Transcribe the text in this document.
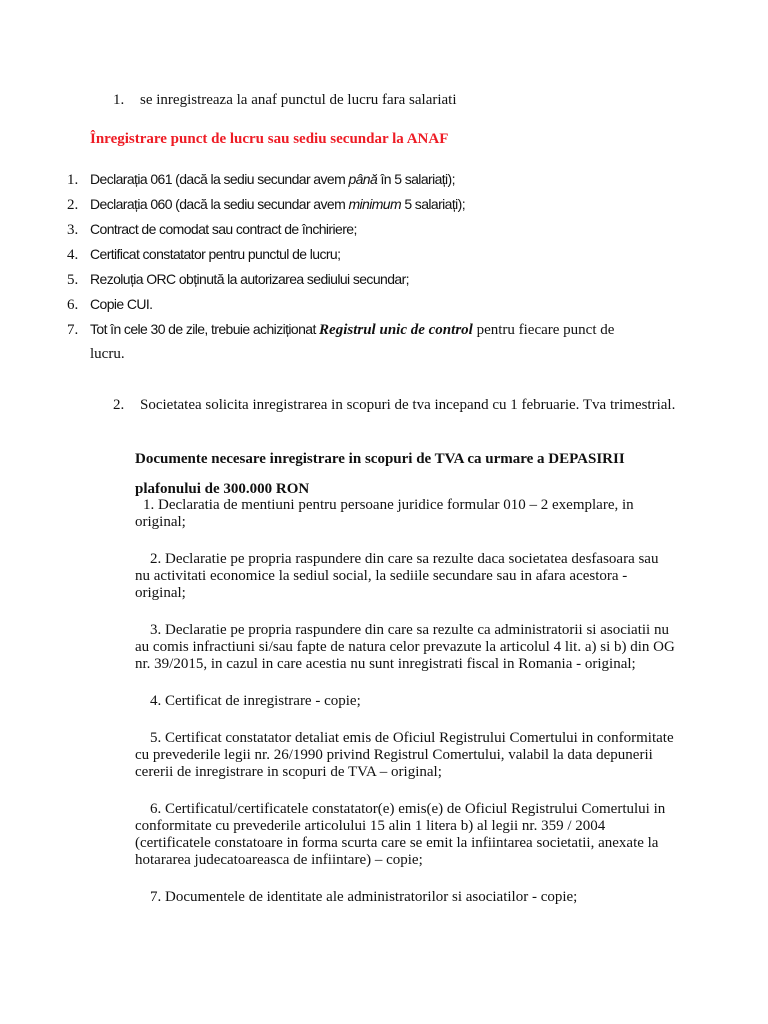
1. se inregistreaza la anaf punctul de lucru fara salariati
Înregistrare punct de lucru sau sediu secundar la ANAF
1. Declarația 061 (dacă la sediu secundar avem până în 5 salariați);
2. Declarația 060 (dacă la sediu secundar avem minimum 5 salariați);
3. Contract de comodat sau contract de închiriere;
4. Certificat constatator pentru punctul de lucru;
5. Rezoluția ORC obținută la autorizarea sediului secundar;
6. Copie CUI.
7. Tot în cele 30 de zile, trebuie achiziționat Registrul unic de control pentru fiecare punct de
lucru.
2. Societatea solicita inregistrarea in scopuri de tva incepand cu 1 februarie. Tva trimestrial.
Documente necesare inregistrare in scopuri de TVA ca urmare a DEPASIRII
plafonului de 300.000 RON
1. Declaratia de mentiuni pentru persoane juridice formular 010 – 2 exemplare, in
original;
2. Declaratie pe propria raspundere din care sa rezulte daca societatea desfasoara sau
nu activitati economice la sediul social, la sediile secundare sau in afara acestora -
original;
3. Declaratie pe propria raspundere din care sa rezulte ca administratorii si asociatii nu
au comis infractiuni si/sau fapte de natura celor prevazute la articolul 4 lit. a) si b) din OG
nr. 39/2015, in cazul in care acestia nu sunt inregistrati fiscal in Romania - original;
4. Certificat de inregistrare - copie;
5. Certificat constatator detaliat emis de Oficiul Registrului Comertului in conformitate
cu prevederile legii nr. 26/1990 privind Registrul Comertului, valabil la data depunerii
cererii de inregistrare in scopuri de TVA – original;
6. Certificatul/certificatele constatator(e) emis(e) de Oficiul Registrului Comertului in
conformitate cu prevederile articolului 15 alin 1 litera b) al legii nr. 359 / 2004
(certificatele constatoare in forma scurta care se emit la infiintarea societatii, anexate la
hotararea judecatoareasca de infiintare) – copie;
7. Documentele de identitate ale administratorilor si asociatilor - copie;
